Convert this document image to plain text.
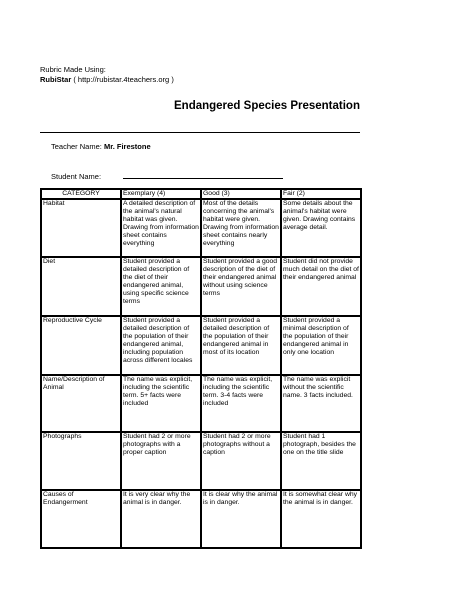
Rubric Made Using:
RubiStar ( http://rubistar.4teachers.org )
Endangered Species Presentation
Teacher Name: Mr. Firestone
Student Name:
CATEGORY	Exemplary (4)	Good (3)	Fair (2)
Habitat	A detailed description of the animal's natural habitat was given. Drawing from information sheet contains everything	Most of the details concerning the animal's habitat were given. Drawing from information sheet contains nearly everything	Some details about the animal's habitat were given. Drawing contains average detail.

Diet	Student provided a detailed description of the diet of their endangered animal, using specific science terms	Student provided a good description of the diet of their endangered animal without using science terms	Student did not provide much detail on the diet of their endangered animal

Reproductive Cycle	Student provided a detailed description of the population of their endangered animal, including population across different locales	Student provided a detailed description of the population of their endangered animal in most of its location	Student provided a minimal description of the population of their endangered animal in only one location

Name/Description of Animal	The name was explicit, including the scientific term. 5+ facts were included	The name was explicit, including the scientific term. 3-4 facts were included	The name was explicit without the scientific name. 3 facts included.

Photographs	Student had 2 or more photographs with a proper caption	Student had 2 or more photographs without a caption	Student had 1 photograph, besides the one on the title slide

Causes of Endangerment	It is very clear why the animal is in danger.	It is clear why the animal is in danger.	It is somewhat clear why the animal is in danger.
